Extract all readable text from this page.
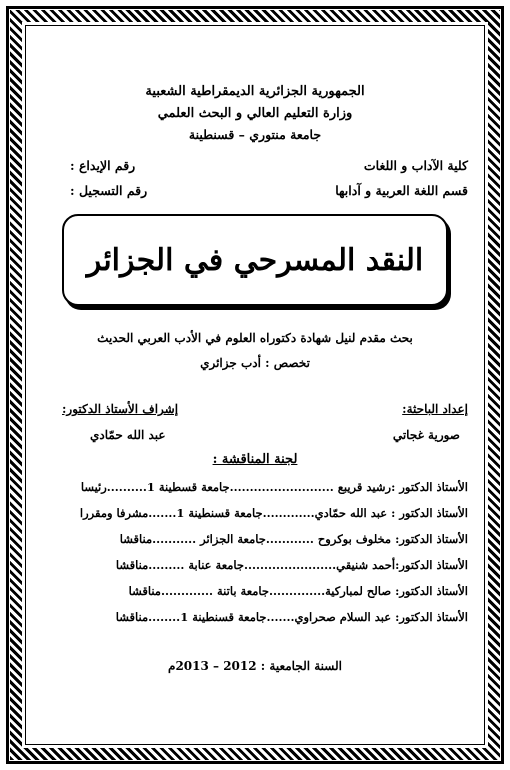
الجمهورية الجزائرية الديمقراطية الشعبية
وزارة التعليم العالي و البحث العلمي
جامعة منتوري – قسنطينة
كلية الآداب و اللغات
قسم اللغة العربية و آدابها
رقم الإيداع :
رقم التسجيل :
النقد المسرحي في الجزائر
بحث مقدم لنيل شهادة دكتوراه العلوم في الأدب العربي الحديث
تخصص : أدب جزائري
إعداد الباحثة:
صورية غجاتي
إشراف الأستاذ الدكتور:
عبد الله حمّادي
لجنة المناقشة :
الأستاذ الدكتور :رشيد قريبع ..........................جامعة قسطينة 1..........رئيسا
الأستاذ الدكتور : عبد الله حمّادي.............جامعة قسنطينة 1.......مشرفا ومقررا
الأستاذ الدكتور: مخلوف بوكروح ............جامعة الجزائر ...........مناقشا
الأستاذ الدكتور:أحمد شنيقي.......................جامعة عنابة .........مناقشا
الأستاذ الدكتور: صالح لمباركية..............جامعة باتنة .............مناقشا
الأستاذ الدكتور: عبد السلام صحراوي.......جامعة قسنطينة 1........مناقشا
السنة الجامعية : 2012 – 2013م
